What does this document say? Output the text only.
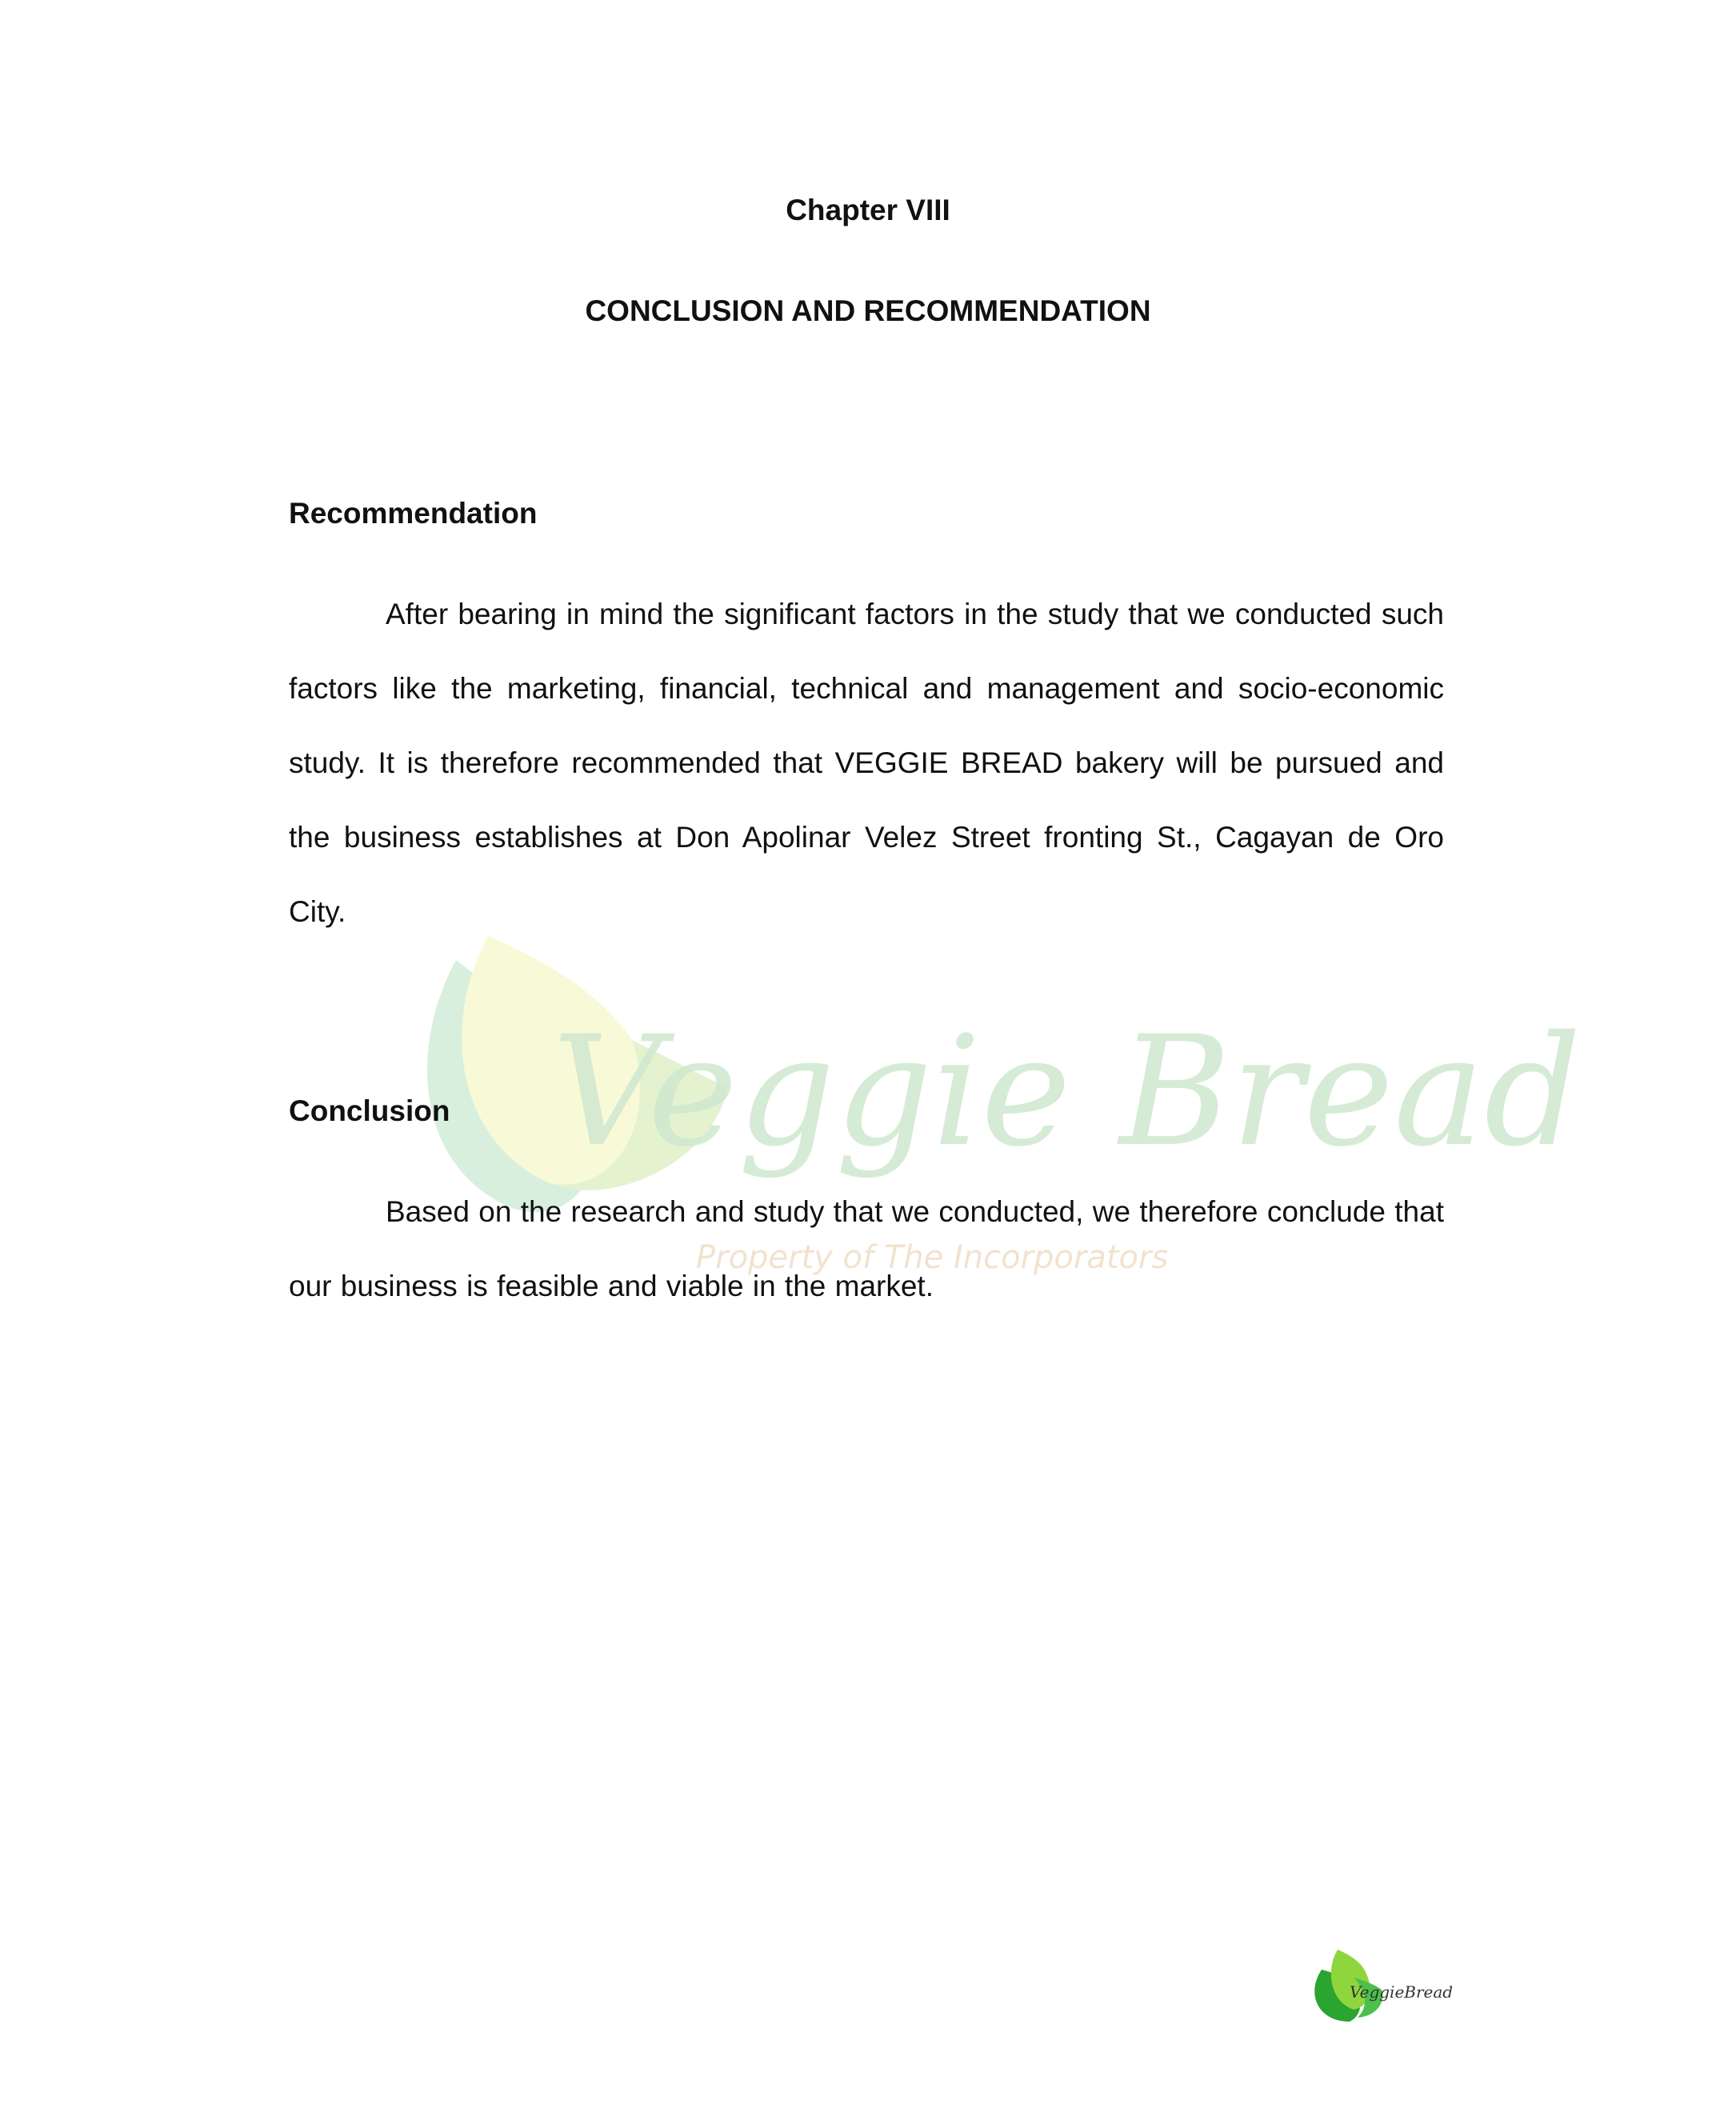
Veggie Bread
Property of The Incorporators
Chapter VIII
CONCLUSION AND RECOMMENDATION
Recommendation

After bearing in mind the significant factors in the study that we conducted such factors like the marketing, financial, technical and management and socio-economic study. It is therefore recommended that VEGGIE BREAD bakery will be pursued and the business establishes at Don Apolinar Velez Street fronting St., Cagayan de Oro City.

Conclusion

Based on the research and study that we conducted, we therefore conclude that our business is feasible and viable in the market.

VeggieBread
